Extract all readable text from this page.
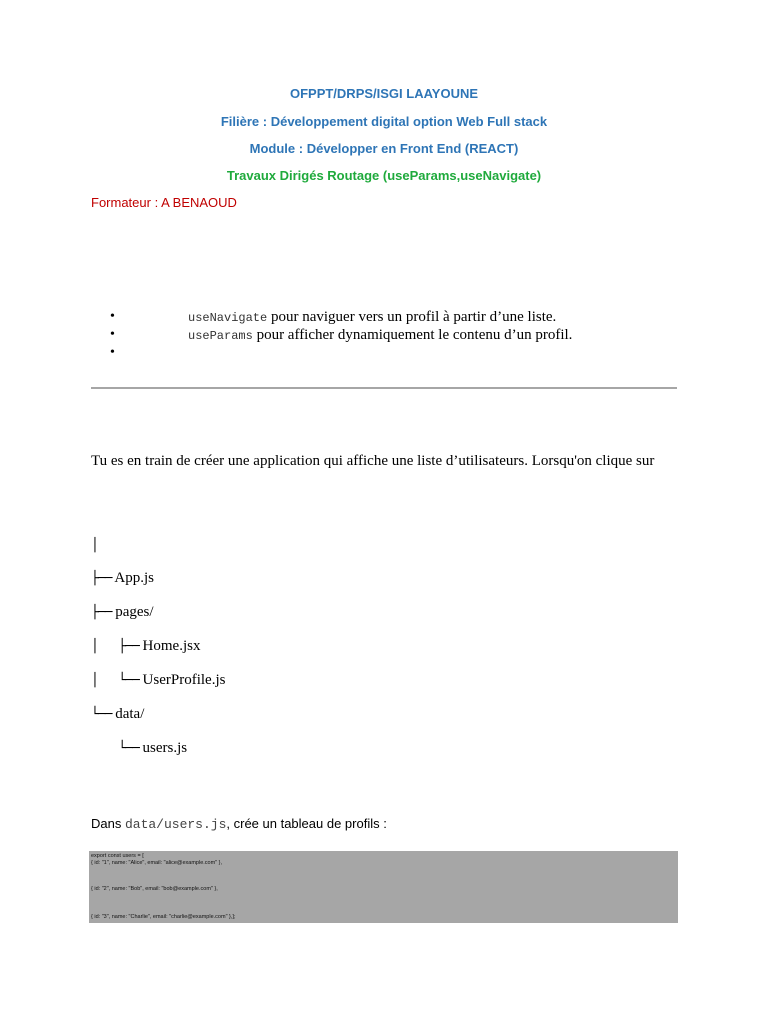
OFPPT/DRPS/ISGI LAAYOUNE
Filière : Développement digital option Web Full stack
Module : Développer en Front End (REACT)
Travaux Dirigés Routage (useParams,useNavigate)
Formateur : A BENAOUD
•	useNavigate pour naviguer vers un profil à partir d’une liste.
•	useParams pour afficher dynamiquement le contenu d’un profil.
•
Tu es en train de créer une application qui affiche une liste d’utilisateurs. Lorsqu'on clique sur
│
├── App.js
├── pages/
│   ├── Home.jsx
│   └── UserProfile.js
└── data/
└── users.js
Dans data/users.js, crée un tableau de profils :
export const users = [
{ id: "1", name: "Alice", email: "alice@example.com" },
{ id: "2", name: "Bob", email: "bob@example.com" },
{ id: "3", name: "Charlie", email: "charlie@example.com" },];
